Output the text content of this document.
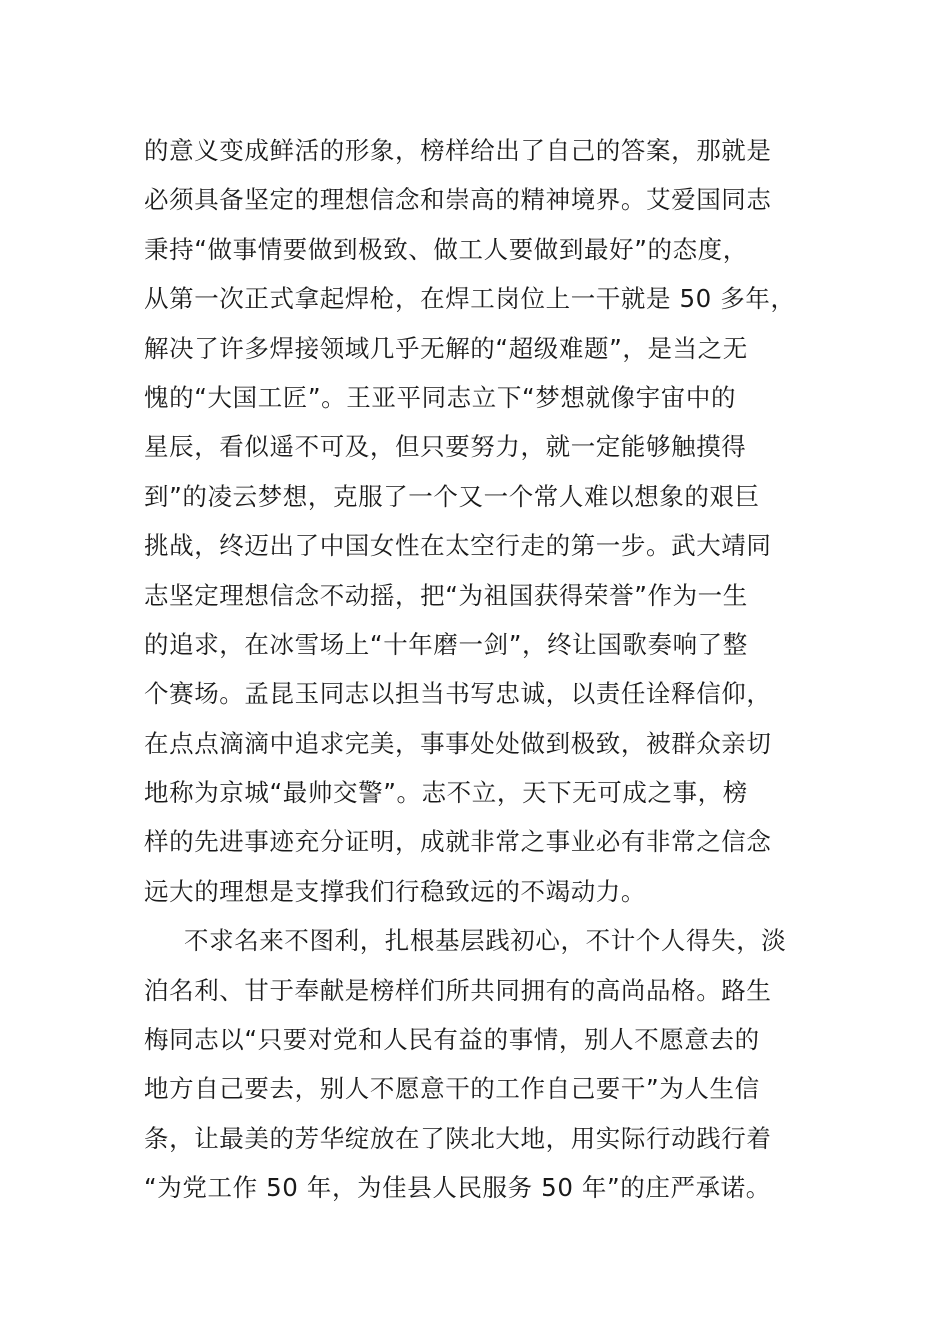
的意义变成鲜活的形象，榜样给出了自己的答案，那就是
必须具备坚定的理想信念和崇高的精神境界。艾爱国同志
秉持“做事情要做到极致、做工人要做到最好”的态度，
从第一次正式拿起焊枪，在焊工岗位上一干就是 50 多年，
解决了许多焊接领域几乎无解的“超级难题”，是当之无
愧的“大国工匠”。王亚平同志立下“梦想就像宇宙中的
星辰，看似遥不可及，但只要努力，就一定能够触摸得
到”的凌云梦想，克服了一个又一个常人难以想象的艰巨
挑战，终迈出了中国女性在太空行走的第一步。武大靖同
志坚定理想信念不动摇，把“为祖国获得荣誉”作为一生
的追求，在冰雪场上“十年磨一剑”，终让国歌奏响了整
个赛场。孟昆玉同志以担当书写忠诚，以责任诠释信仰，
在点点滴滴中追求完美，事事处处做到极致，被群众亲切
地称为京城“最帅交警”。志不立，天下无可成之事，榜
样的先进事迹充分证明，成就非常之事业必有非常之信念
远大的理想是支撑我们行稳致远的不竭动力。
不求名来不图利，扎根基层践初心，不计个人得失，淡
泊名利、甘于奉献是榜样们所共同拥有的高尚品格。路生
梅同志以“只要对党和人民有益的事情，别人不愿意去的
地方自己要去，别人不愿意干的工作自己要干”为人生信
条，让最美的芳华绽放在了陕北大地，用实际行动践行着
“为党工作 50 年，为佳县人民服务 50 年”的庄严承诺。
